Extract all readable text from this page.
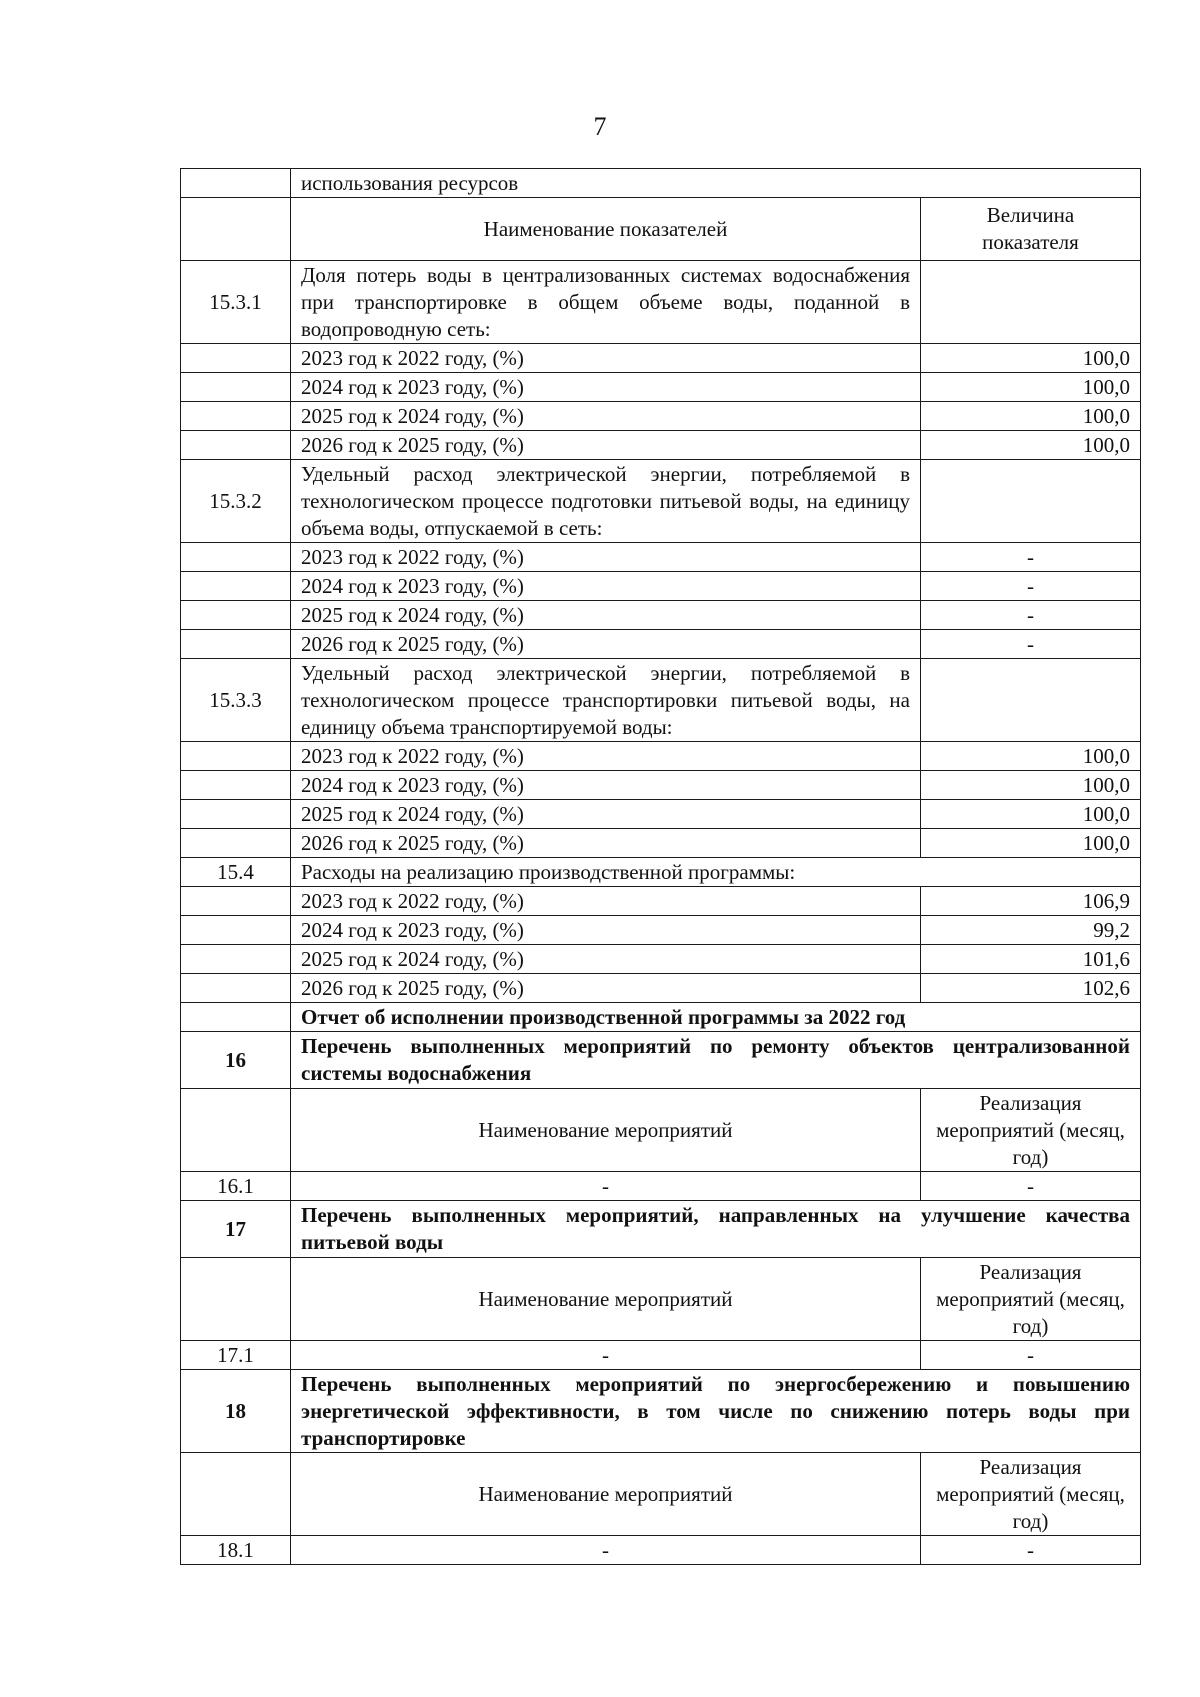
7
	использования ресурсов	
	Наименование показателей	Величина показателя
15.3.1	Доля потерь воды в централизованных системах водоснабжения при транспортировке в общем объеме воды, поданной в водопроводную сеть:	
	2023 год к 2022 году, (%)	100,0
	2024 год к 2023 году, (%)	100,0
	2025 год к 2024 году, (%)	100,0
	2026 год к 2025 году, (%)	100,0
15.3.2	Удельный расход электрической энергии, потребляемой в технологическом процессе подготовки питьевой воды, на единицу объема воды, отпускаемой в сеть:	
	2023 год к 2022 году, (%)	-
	2024 год к 2023 году, (%)	-
	2025 год к 2024 году, (%)	-
	2026 год к 2025 году, (%)	-
15.3.3	Удельный расход электрической энергии, потребляемой в технологическом процессе транспортировки питьевой воды, на единицу объема транспортируемой воды:	
	2023 год к 2022 году, (%)	100,0
	2024 год к 2023 году, (%)	100,0
	2025 год к 2024 году, (%)	100,0
	2026 год к 2025 году, (%)	100,0
15.4	Расходы на реализацию производственной программы:	
	2023 год к 2022 году, (%)	106,9
	2024 год к 2023 году, (%)	99,2
	2025 год к 2024 году, (%)	101,6
	2026 год к 2025 году, (%)	102,6
	Отчет об исполнении производственной программы за 2022 год	
16	Перечень выполненных мероприятий по ремонту объектов централизованной системы водоснабжения	
	Наименование мероприятий	Реализация мероприятий (месяц, год)
16.1	-	-
17	Перечень выполненных мероприятий, направленных на улучшение качества питьевой воды	
	Наименование мероприятий	Реализация мероприятий (месяц, год)
17.1	-	-
18	Перечень выполненных мероприятий по энергосбережению и повышению энергетической эффективности, в том числе по снижению потерь воды при транспортировке	
	Наименование мероприятий	Реализация мероприятий (месяц, год)
18.1	-	-
